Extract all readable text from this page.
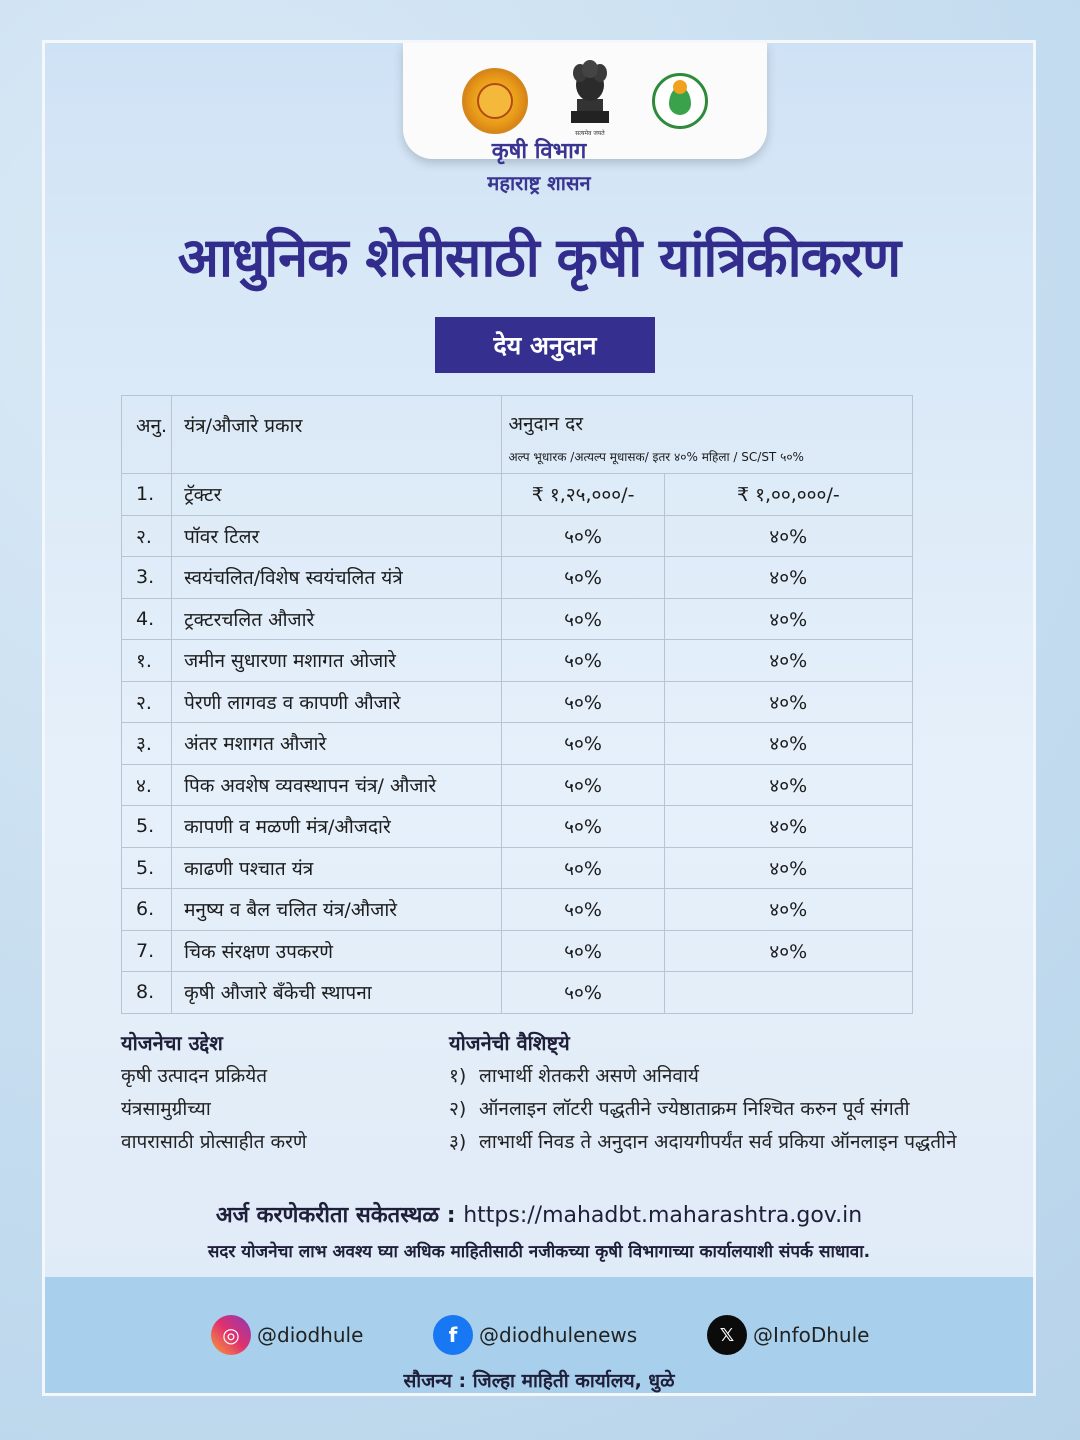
सत्यमेव जयते
कृषी विभाग
महाराष्ट्र शासन
आधुनिक शेतीसाठी कृषी यांत्रिकीकरण
देय अनुदान
अनु.	यंत्र/औजारे प्रकार	अनुदान दर
अल्प भूधारक /अत्यल्प मूधासक/ इतर ४०% महिला / SC/ST ५०%	

1.	ट्रॅक्टर	₹ १,२५,०००/-	₹ १,००,०००/-
२.	पॉवर टिलर	५०%	४०%
3.	स्वयंचलित/विशेष स्वयंचलित यंत्रे	५०%	४०%
4.	ट्रक्टरचलित औजारे	५०%	४०%
१.	जमीन सुधारणा मशागत ओजारे	५०%	४०%
२.	पेरणी लागवड व कापणी औजारे	५०%	४०%
३.	अंतर मशागत औजारे	५०%	४०%
४.	पिक अवशेष व्यवस्थापन चंत्र/ औजारे	५०%	४०%
5.	कापणी व मळणी मंत्र/औजदारे	५०%	४०%
5.	काढणी पश्चात यंत्र	५०%	४०%
6.	मनुष्य व बैल चलित यंत्र/औजारे	५०%	४०%
7.	चिक संरक्षण उपकरणे	५०%	४०%
8.	कृषी औजारे बँकेची स्थापना	५०%	
योजनेचा उद्देश
कृषी उत्पादन प्रक्रियेत
यंत्रसामुग्रीच्या
वापरासाठी प्रोत्साहीत करणे
योजनेची वैशिष्ट्ये
१) लाभार्थी शेतकरी असणे अनिवार्य
२) ऑनलाइन लॉटरी पद्धतीने ज्येष्ठाताक्रम निश्चित करुन पूर्व संगती
३) लाभार्थी निवड ते अनुदान अदायगीपर्यंत सर्व प्रकिया ऑनलाइन पद्धतीने
अर्ज करणेकरीता सकेतस्थळ : https://mahadbt.maharashtra.gov.in
सदर योजनेचा लाभ अवश्य घ्या अधिक माहितीसाठी नजीकच्या कृषी विभागाच्या कार्यालयाशी संपर्क साधावा.
◎ @diodhule	f	@diodhulenews	𝕏 @InfoDhule
सौजन्य : जिल्हा माहिती कार्यालय, धुळे
